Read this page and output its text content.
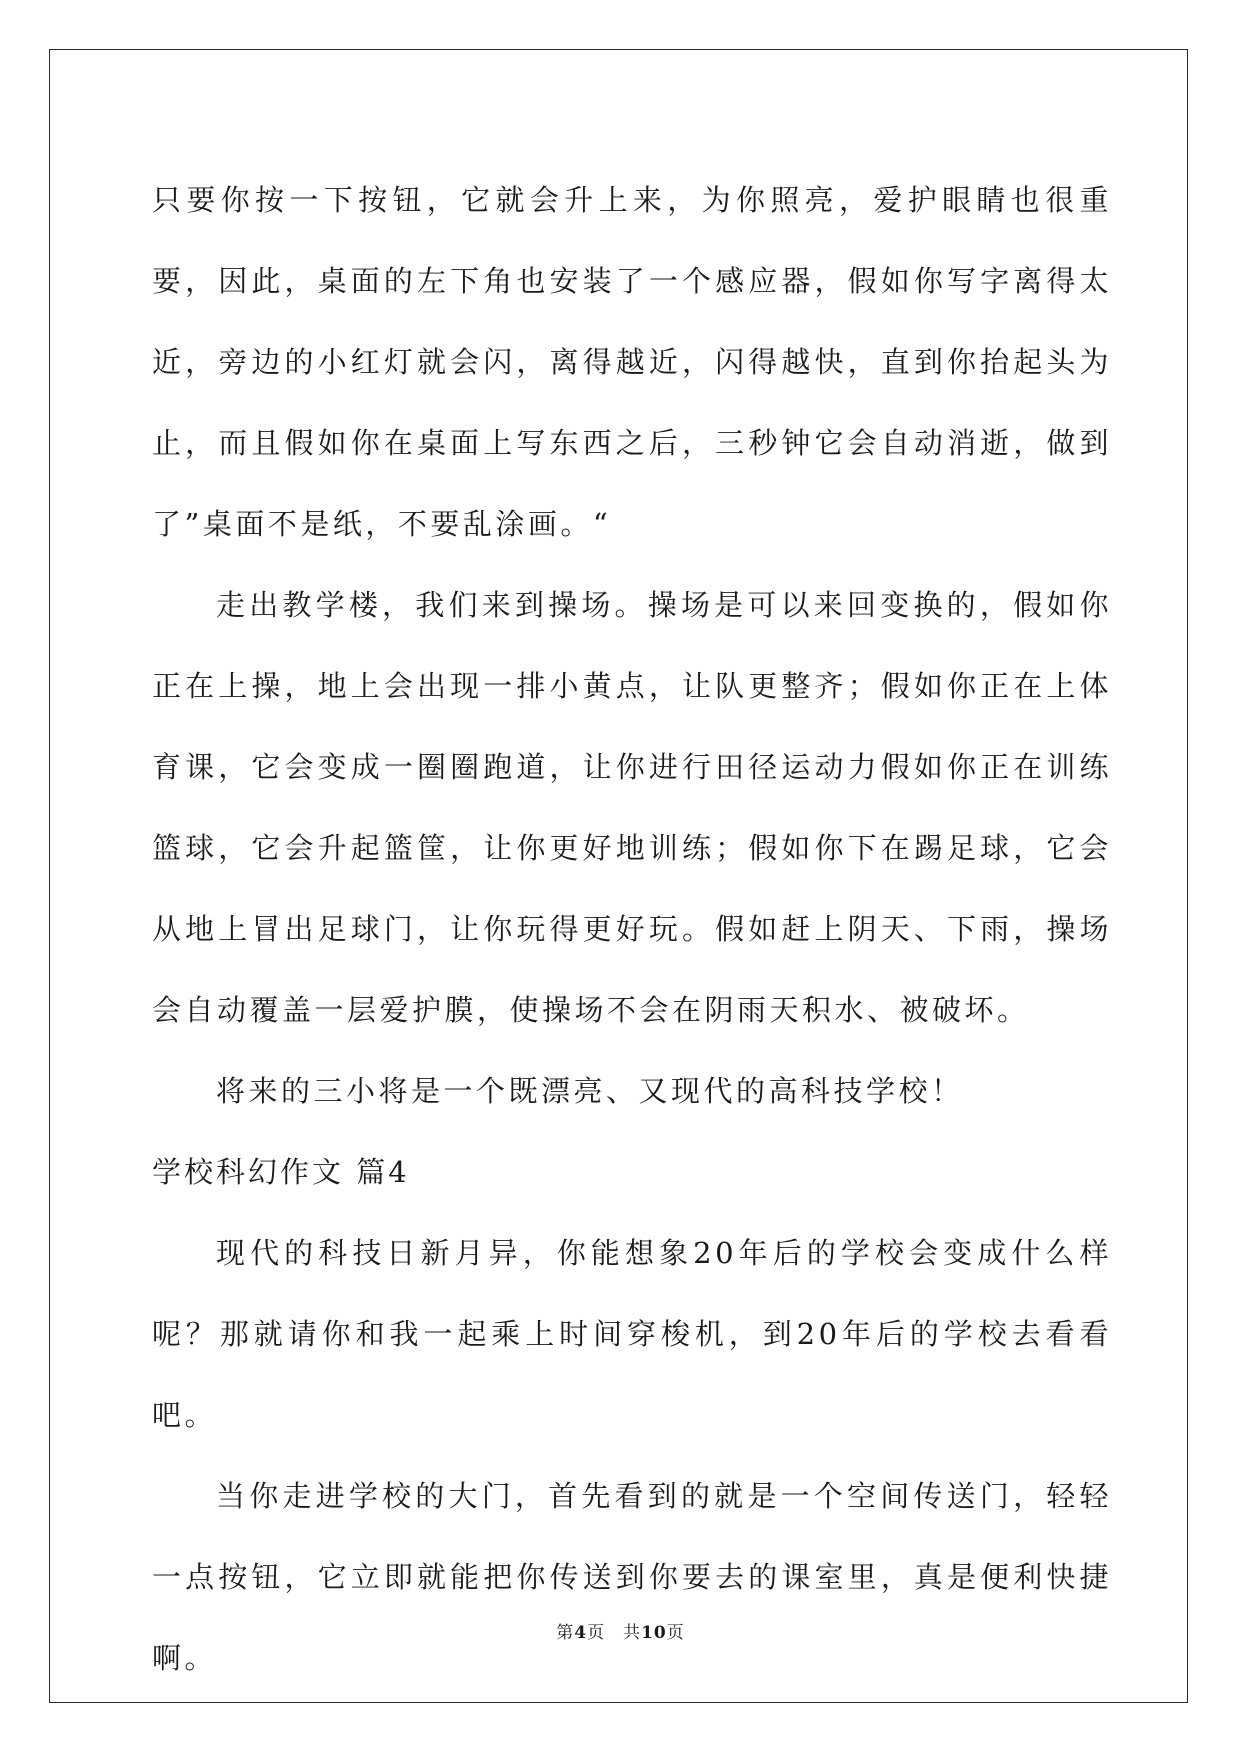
只要你按一下按钮，它就会升上来，为你照亮，爱护眼睛也很重要，因此，桌面的左下角也安装了一个感应器，假如你写字离得太近，旁边的小红灯就会闪，离得越近，闪得越快，直到你抬起头为止，而且假如你在桌面上写东西之后，三秒钟它会自动消逝，做到了”桌面不是纸，不要乱涂画。“

走出教学楼，我们来到操场。操场是可以来回变换的，假如你正在上操，地上会出现一排小黄点，让队更整齐；假如你正在上体育课，它会变成一圈圈跑道，让你进行田径运动力假如你正在训练篮球，它会升起篮筐，让你更好地训练；假如你下在踢足球，它会从地上冒出足球门，让你玩得更好玩。假如赶上阴天、下雨，操场会自动覆盖一层爱护膜，使操场不会在阴雨天积水、被破坏。

将来的三小将是一个既漂亮、又现代的高科技学校！

学校科幻作文 篇4

现代的科技日新月异，你能想象20年后的学校会变成什么样呢？那就请你和我一起乘上时间穿梭机，到20年后的学校去看看吧。

当你走进学校的大门，首先看到的就是一个空间传送门，轻轻一点按钮，它立即就能把你传送到你要去的课室里，真是便利快捷啊。

第4页 共10页
